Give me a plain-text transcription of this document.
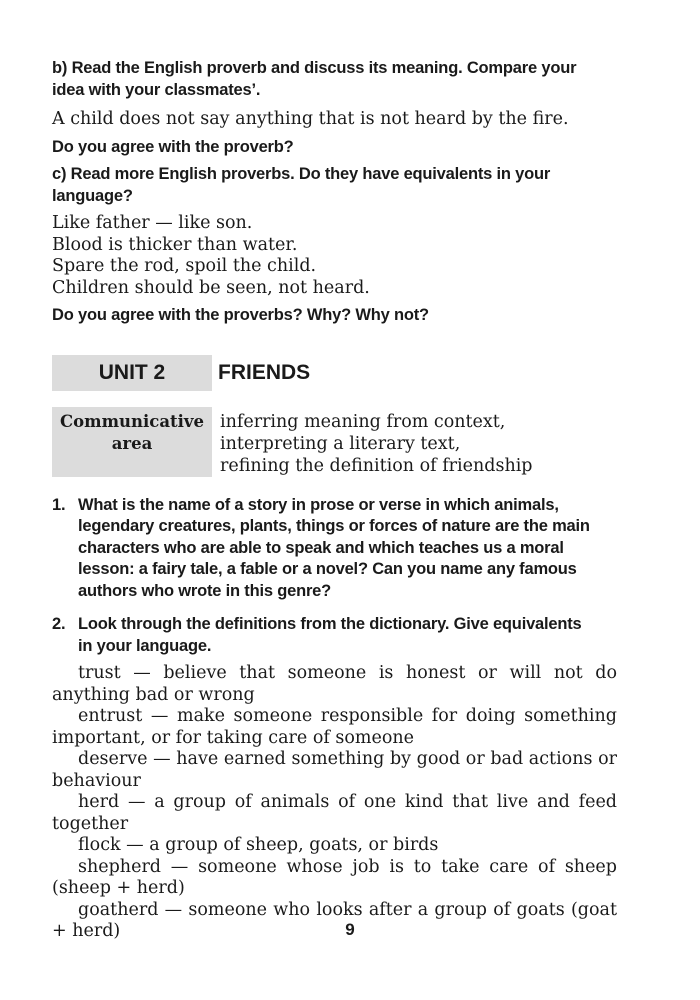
b) Read the English proverb and discuss its meaning. Compare your
idea with your classmates’.
A child does not say anything that is not heard by the fire.
Do you agree with the proverb?
c) Read more English proverbs. Do they have equivalents in your
language?
Like father — like son.
Blood is thicker than water.
Spare the rod, spoil the child.
Children should be seen, not heard.
Do you agree with the proverbs? Why? Why not?
UNIT 2	FRIENDS
Communicative
area
inferring meaning from context,
interpreting a literary text,
refining the definition of friendship
1. What is the name of a story in prose or verse in which animals,
legendary creatures, plants, things or forces of nature are the main
characters who are able to speak and which teaches us a moral
lesson: a fairy tale, a fable or a novel? Can you name any famous
authors who wrote in this genre?
2. Look through the definitions from the dictionary. Give equivalents
in your language.

trust — believe that someone is honest or will not do anything bad or wrong

entrust — make someone responsible for doing something important, or for taking care of someone

deserve — have earned something by good or bad actions or behaviour

herd — a group of animals of one kind that live and feed together

flock — a group of sheep, goats, or birds

shepherd — someone whose job is to take care of sheep (sheep + herd)

goatherd — someone who looks after a group of goats (goat + herd)	9
